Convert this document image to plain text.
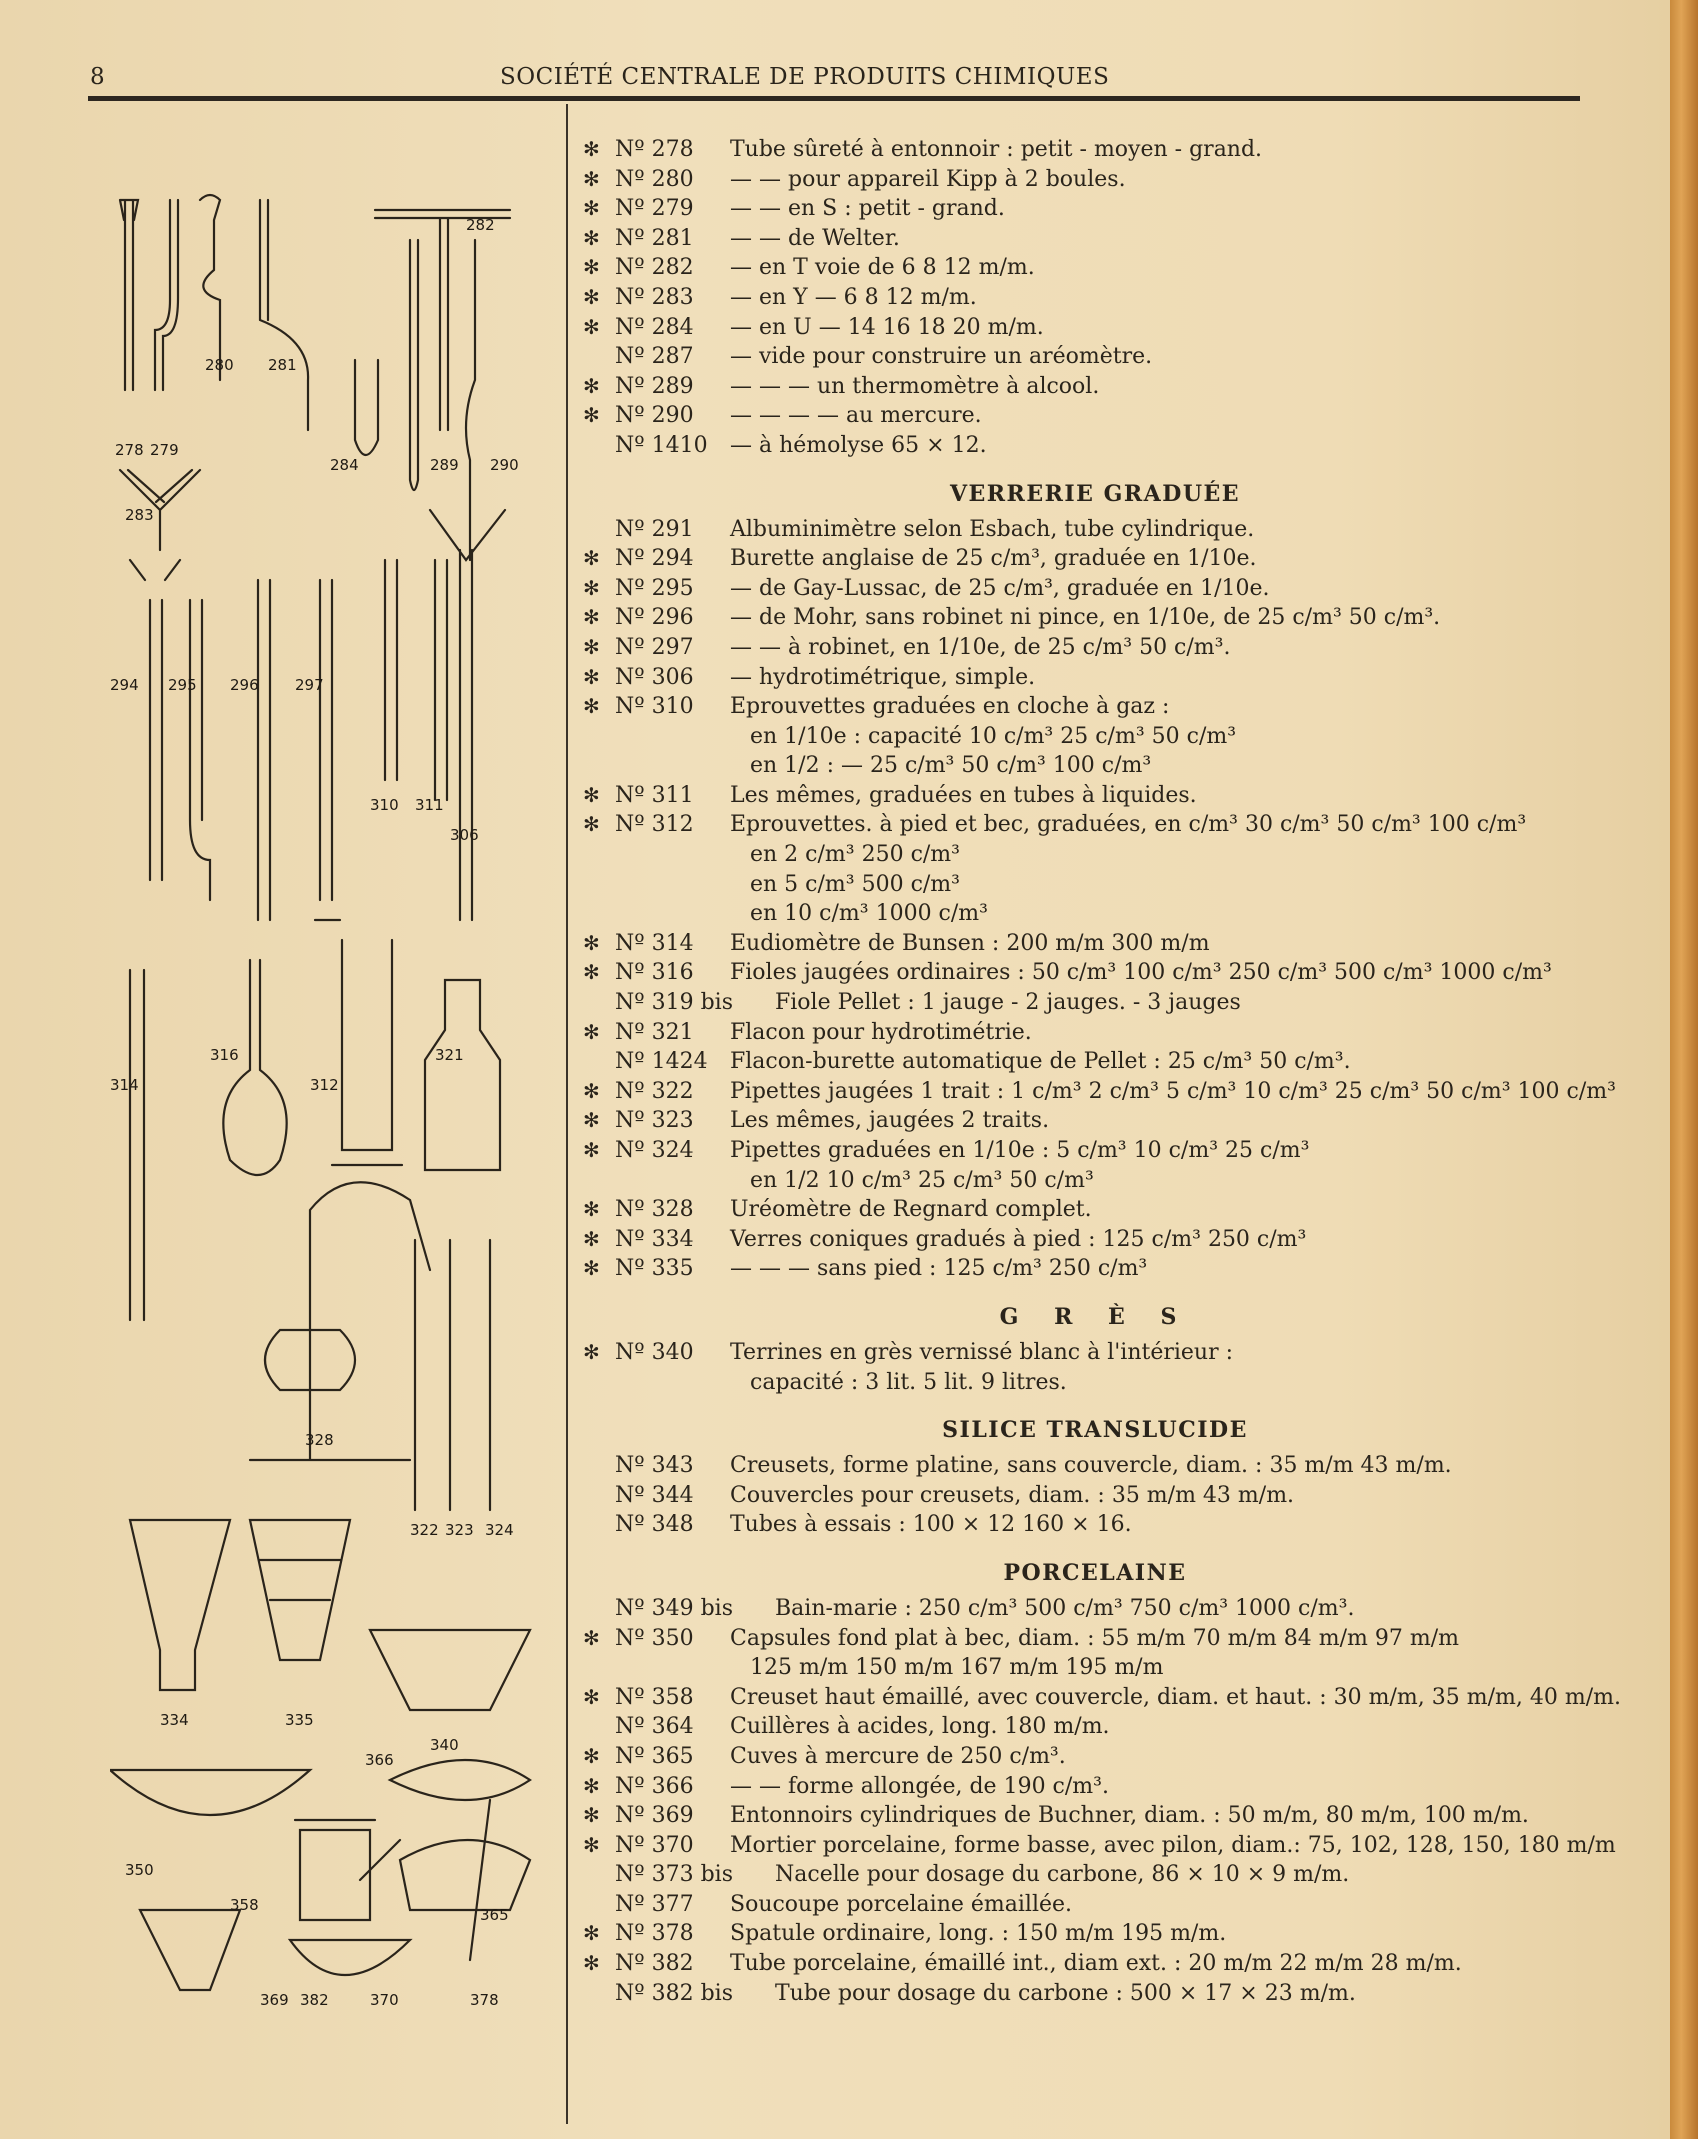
8	SOCIÉTÉ CENTRALE DE PRODUITS CHIMIQUES
278 279
280 281
282
283
284	289 290
294 295 296 297
310 311
306
314
316
312
321
328
322 323 324
334	335
340
366
350
358
365
369	370	378
382
✻ Nº 278 Tube sûreté à entonnoir : petit - moyen - grand.
✻ Nº 280 — — pour appareil Kipp à 2 boules.
✻ Nº 279 — — en S : petit - grand.
✻ Nº 281 — — de Welter.
✻ Nº 282 — en T voie de 6 8 12 m/m.
✻ Nº 283 — en Y — 6 8 12 m/m.
✻ Nº 284 — en U — 14 16 18 20 m/m.
Nº 287 — vide pour construire un aréomètre.
✻ Nº 289 — — — un thermomètre à alcool.
✻ Nº 290 — — — — au mercure.
Nº 1410 — à hémolyse 65 × 12.
VERRERIE GRADUÉE
Nº 291 Albuminimètre selon Esbach, tube cylindrique.
✻ Nº 294 Burette anglaise de 25 c/m³, graduée en 1/10e.
✻ Nº 295 — de Gay-Lussac, de 25 c/m³, graduée en 1/10e.
✻ Nº 296 — de Mohr, sans robinet ni pince, en 1/10e, de 25 c/m³ 50 c/m³.
✻ Nº 297 — — à robinet, en 1/10e, de 25 c/m³ 50 c/m³.
✻ Nº 306 — hydrotimétrique, simple.
✻ Nº 310 Eprouvettes graduées en cloche à gaz :
en 1/10e : capacité 10 c/m³ 25 c/m³ 50 c/m³
en 1/2 : — 25 c/m³ 50 c/m³ 100 c/m³
✻ Nº 311 Les mêmes, graduées en tubes à liquides.
✻ Nº 312 Eprouvettes. à pied et bec, graduées, en c/m³ 30 c/m³ 50 c/m³ 100 c/m³
en 2 c/m³ 250 c/m³
en 5 c/m³ 500 c/m³
en 10 c/m³ 1000 c/m³
✻ Nº 314 Eudiomètre de Bunsen : 200 m/m 300 m/m
✻ Nº 316 Fioles jaugées ordinaires : 50 c/m³ 100 c/m³ 250 c/m³ 500 c/m³ 1000 c/m³
Nº 319 bis Fiole Pellet : 1 jauge - 2 jauges. - 3 jauges
✻ Nº 321 Flacon pour hydrotimétrie.
Nº 1424 Flacon-burette automatique de Pellet : 25 c/m³ 50 c/m³.
✻ Nº 322 Pipettes jaugées 1 trait : 1 c/m³ 2 c/m³ 5 c/m³ 10 c/m³ 25 c/m³ 50 c/m³ 100 c/m³
✻ Nº 323 Les mêmes, jaugées 2 traits.
✻ Nº 324 Pipettes graduées en 1/10e : 5 c/m³ 10 c/m³ 25 c/m³
en 1/2 10 c/m³ 25 c/m³ 50 c/m³
✻ Nº 328 Uréomètre de Regnard complet.
✻ Nº 334 Verres coniques gradués à pied : 125 c/m³ 250 c/m³
✻ Nº 335 — — — sans pied : 125 c/m³ 250 c/m³
G R È S
✻ Nº 340 Terrines en grès vernissé blanc à l'intérieur :
capacité : 3 lit. 5 lit. 9 litres.
SILICE TRANSLUCIDE
Nº 343 Creusets, forme platine, sans couvercle, diam. : 35 m/m 43 m/m.
Nº 344 Couvercles pour creusets, diam. : 35 m/m 43 m/m.
Nº 348 Tubes à essais : 100 × 12 160 × 16.
PORCELAINE
Nº 349 bis Bain-marie : 250 c/m³ 500 c/m³ 750 c/m³ 1000 c/m³.
✻ Nº 350 Capsules fond plat à bec, diam. : 55 m/m 70 m/m 84 m/m 97 m/m
125 m/m 150 m/m 167 m/m 195 m/m
✻ Nº 358 Creuset haut émaillé, avec couvercle, diam. et haut. : 30 m/m, 35 m/m, 40 m/m.
Nº 364 Cuillères à acides, long. 180 m/m.
✻ Nº 365 Cuves à mercure de 250 c/m³.
✻ Nº 366 — — forme allongée, de 190 c/m³.
✻ Nº 369 Entonnoirs cylindriques de Buchner, diam. : 50 m/m, 80 m/m, 100 m/m.
✻ Nº 370 Mortier porcelaine, forme basse, avec pilon, diam.: 75, 102, 128, 150, 180 m/m
Nº 373 bis Nacelle pour dosage du carbone, 86 × 10 × 9 m/m.
Nº 377 Soucoupe porcelaine émaillée.
✻ Nº 378 Spatule ordinaire, long. : 150 m/m 195 m/m.
✻ Nº 382 Tube porcelaine, émaillé int., diam ext. : 20 m/m 22 m/m 28 m/m.
Nº 382 bis Tube pour dosage du carbone : 500 × 17 × 23 m/m.
